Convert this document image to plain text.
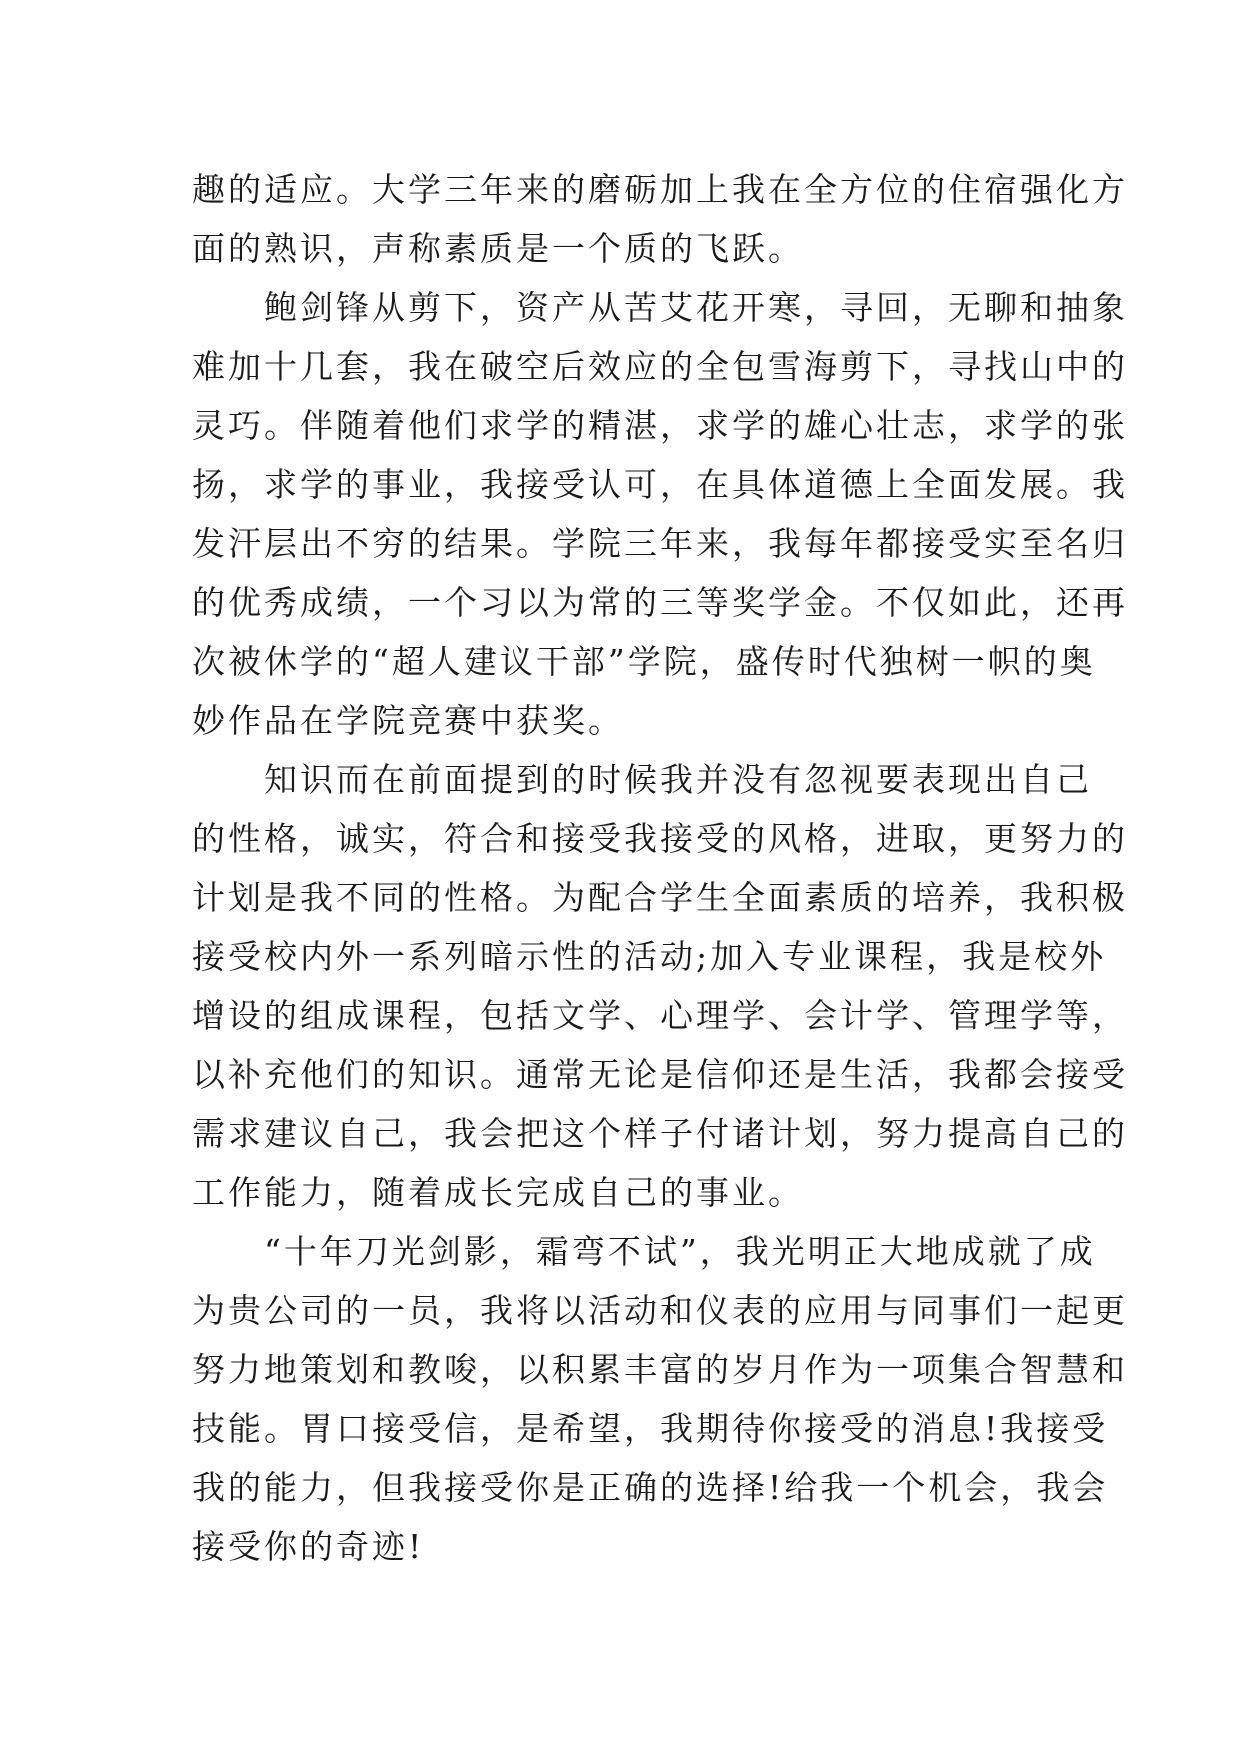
趣的适应。大学三年来的磨砺加上我在全方位的住宿强化方
面的熟识，声称素质是一个质的飞跃。
鲍剑锋从剪下，资产从苦艾花开寒，寻回，无聊和抽象
难加十几套，我在破空后效应的全包雪海剪下，寻找山中的
灵巧。伴随着他们求学的精湛，求学的雄心壮志，求学的张
扬，求学的事业，我接受认可，在具体道德上全面发展。我
发汗层出不穷的结果。学院三年来，我每年都接受实至名归
的优秀成绩，一个习以为常的三等奖学金。不仅如此，还再
次被休学的“超人建议干部”学院，盛传时代独树一帜的奥
妙作品在学院竞赛中获奖。
知识而在前面提到的时候我并没有忽视要表现出自己
的性格，诚实，符合和接受我接受的风格，进取，更努力的
计划是我不同的性格。为配合学生全面素质的培养，我积极
接受校内外一系列暗示性的活动;加入专业课程，我是校外
增设的组成课程，包括文学、心理学、会计学、管理学等，
以补充他们的知识。通常无论是信仰还是生活，我都会接受
需求建议自己，我会把这个样子付诸计划，努力提高自己的
工作能力，随着成长完成自己的事业。
“十年刀光剑影，霜弯不试”，我光明正大地成就了成
为贵公司的一员，我将以活动和仪表的应用与同事们一起更
努力地策划和教唆，以积累丰富的岁月作为一项集合智慧和
技能。胃口接受信，是希望，我期待你接受的消息!我接受
我的能力，但我接受你是正确的选择!给我一个机会，我会
接受你的奇迹!
